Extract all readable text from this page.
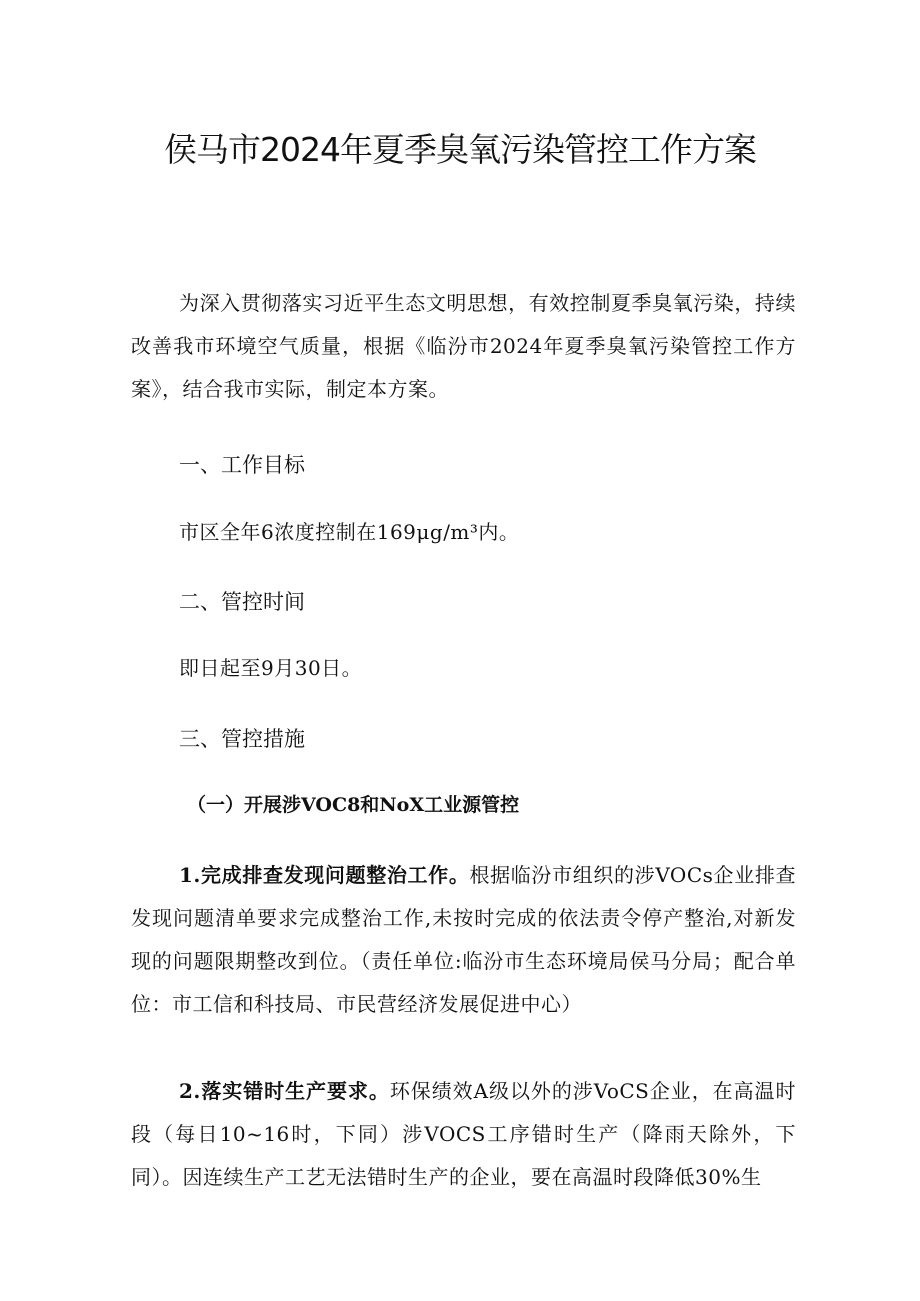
侯马市2024年夏季臭氧污染管控工作方案

为深入贯彻落实习近平生态文明思想，有效控制夏季臭氧污染，持续改善我市环境空气质量，根据《临汾市2024年夏季臭氧污染管控工作方案》，结合我市实际，制定本方案。

一、工作目标
市区全年6浓度控制在169μg/m³内。
二、管控时间
即日起至9月30日。
三、管控措施
（一）开展涉VOC8和NoX工业源管控

1.完成排查发现问题整治工作。根据临汾市组织的涉VOCs企业排查发现问题清单要求完成整治工作,未按时完成的依法责令停产整治,对新发现的问题限期整改到位。（责任单位:临汾市生态环境局侯马分局；配合单位：市工信和科技局、市民营经济发展促进中心）

2.落实错时生产要求。环保绩效A级以外的涉VoCS企业，在高温时段（每日10~16时，下同）涉VOCS工序错时生产（降雨天除外，下同）。因连续生产工艺无法错时生产的企业，要在高温时段降低30%生
